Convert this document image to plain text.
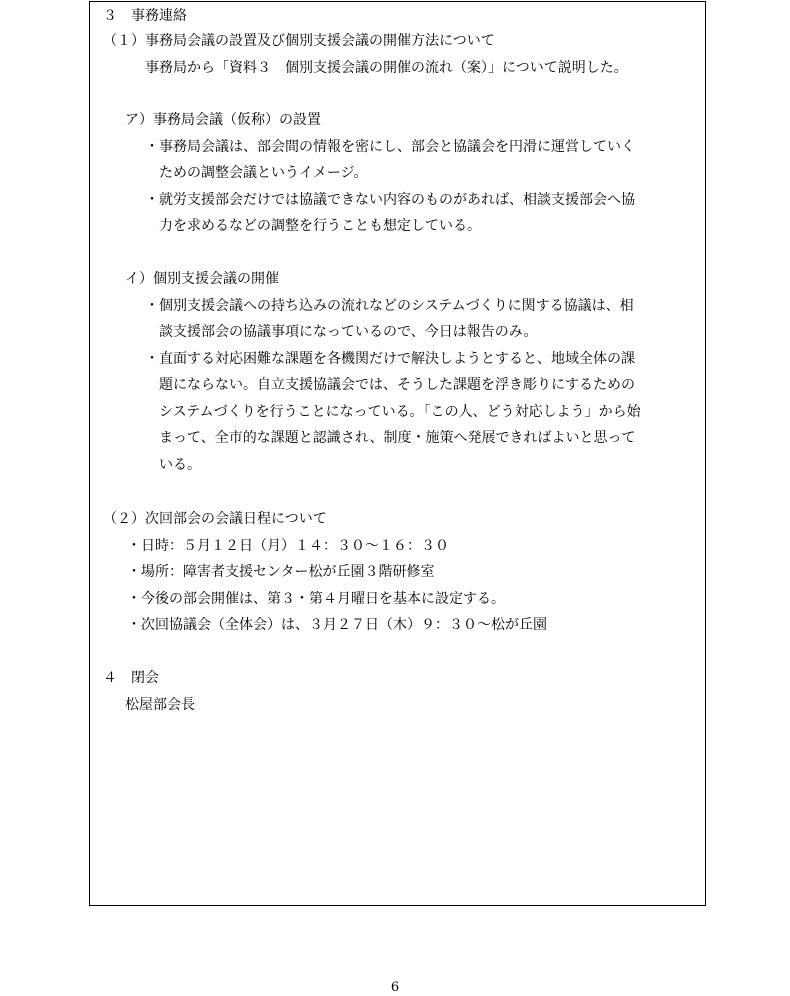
３　事務連絡
（１）事務局会議の設置及び個別支援会議の開催方法について
事務局から「資料３　個別支援会議の開催の流れ（案）」について説明した。
ア）事務局会議（仮称）の設置
・事務局会議は、部会間の情報を密にし、部会と協議会を円滑に運営していく
ための調整会議というイメージ。
・就労支援部会だけでは協議できない内容のものがあれば、相談支援部会へ協
力を求めるなどの調整を行うことも想定している。
イ）個別支援会議の開催
・個別支援会議への持ち込みの流れなどのシステムづくりに関する協議は、相
談支援部会の協議事項になっているので、今日は報告のみ。
・直面する対応困難な課題を各機関だけで解決しようとすると、地域全体の課
題にならない。自立支援協議会では、そうした課題を浮き彫りにするための
システムづくりを行うことになっている。「この人、どう対応しよう」から始
まって、全市的な課題と認識され、制度・施策へ発展できればよいと思って
いる。
（２）次回部会の会議日程について
・日時：５月１２日（月）１４：３０〜１６：３０
・場所：障害者支援センター松が丘園３階研修室
・今後の部会開催は、第３・第４月曜日を基本に設定する。
・次回協議会（全体会）は、３月２７日（木）９：３０〜松が丘園
４　閉会
松屋部会長
6
